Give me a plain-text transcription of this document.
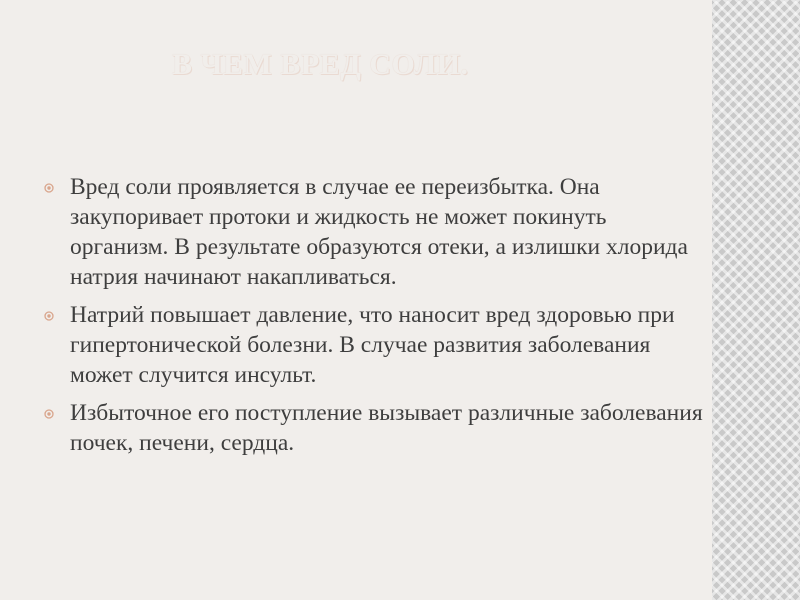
В ЧЕМ ВРЕД СОЛИ.
Вред соли проявляется в случае ее переизбытка. Она закупоривает протоки и жидкость не может покинуть организм. В результате образуются отеки, а излишки хлорида натрия начинают накапливаться.
Натрий повышает давление, что наносит вред здоровью при гипертонической болезни. В случае развития заболевания может случится инсульт.
Избыточное его поступление вызывает различные заболевания почек, печени, сердца.
